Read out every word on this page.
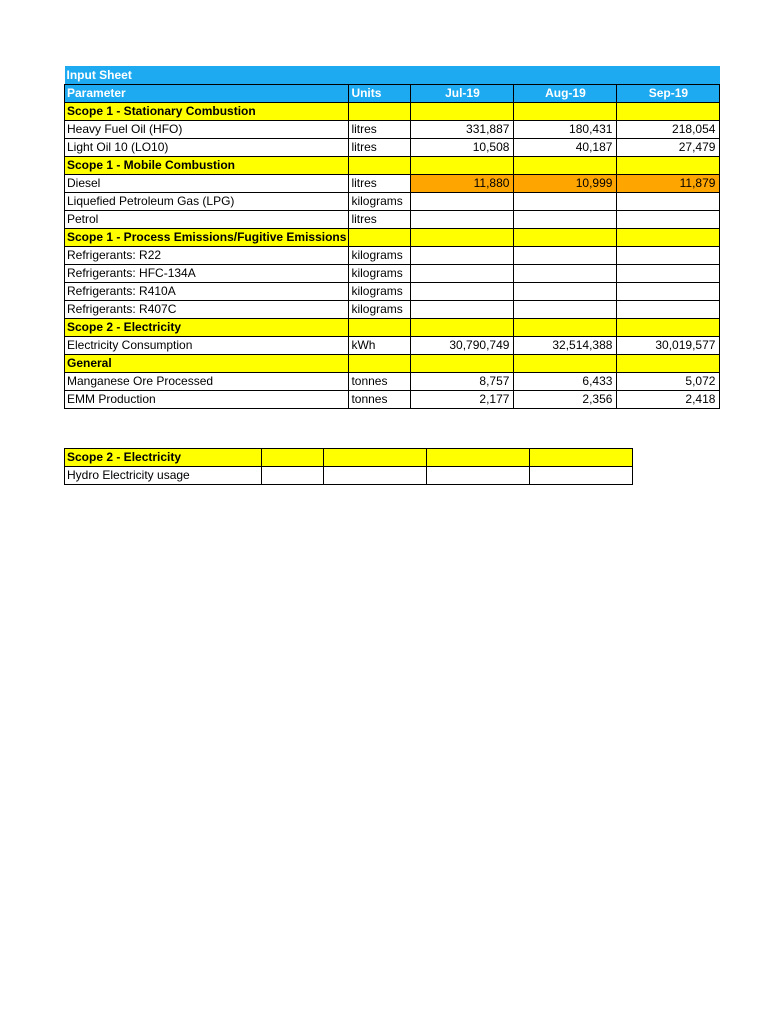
Input Sheet				
Parameter	Units	Jul-19	Aug-19	Sep-19
Scope 1 - Stationary Combustion				
Heavy Fuel Oil (HFO)	litres	331,887	180,431	218,054
Light Oil 10 (LO10)	litres	10,508	40,187	27,479
Scope 1 - Mobile Combustion				
Diesel	litres	11,880	10,999	11,879
Liquefied Petroleum Gas (LPG)	kilograms			
Petrol	litres			
Scope 1 - Process Emissions/Fugitive Emissions				
Refrigerants: R22	kilograms			
Refrigerants: HFC-134A	kilograms			
Refrigerants: R410A	kilograms			
Refrigerants: R407C	kilograms			
Scope 2 - Electricity				
Electricity Consumption	kWh	30,790,749	32,514,388	30,019,577
General				
Manganese Ore Processed	tonnes	8,757	6,433	5,072
EMM Production	tonnes	2,177	2,356	2,418
Scope 2 - Electricity				
Hydro Electricity usage				
